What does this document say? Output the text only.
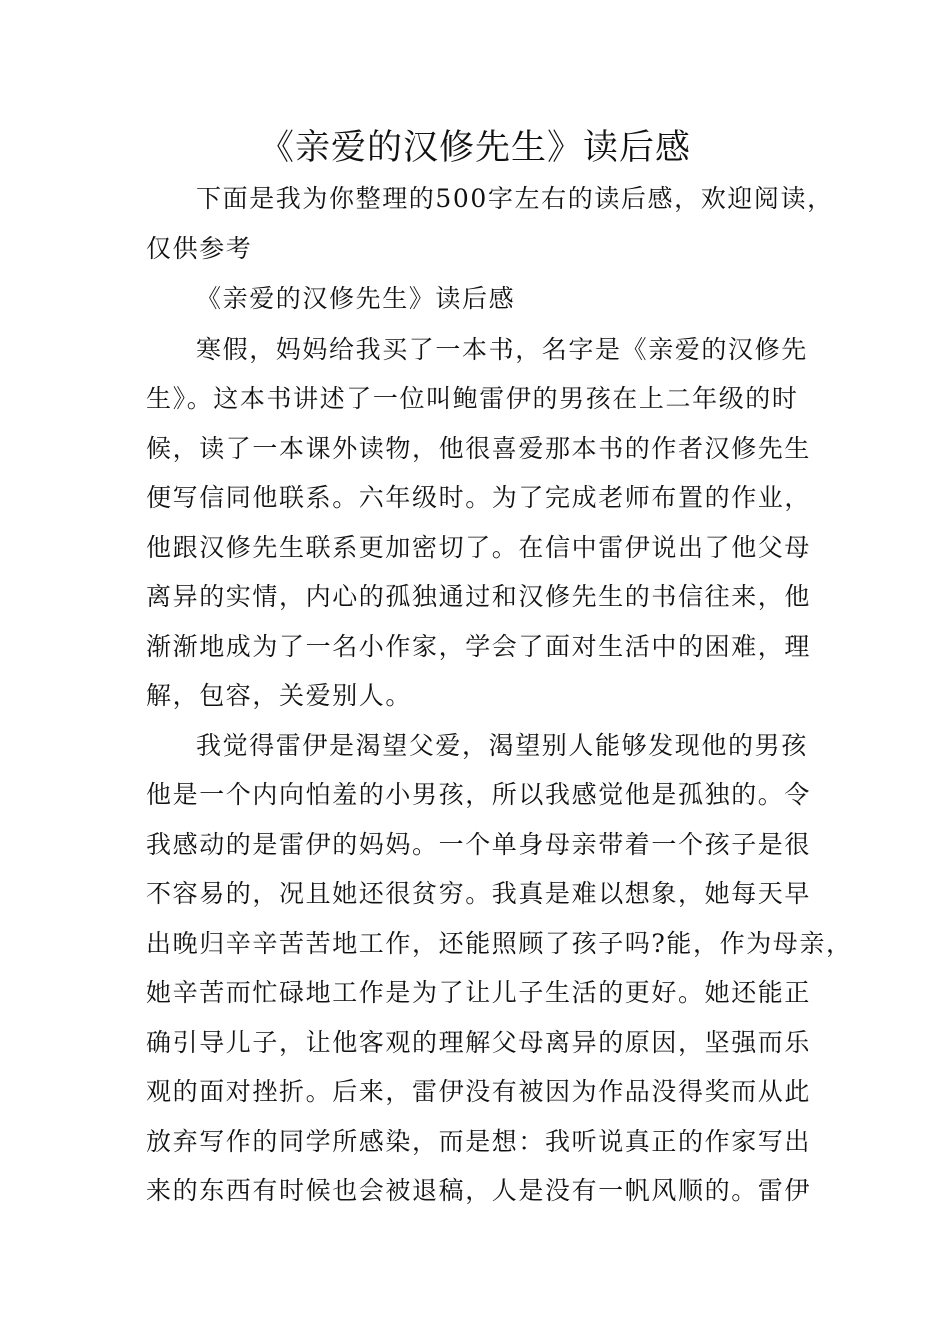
《亲爱的汉修先生》读后感
下面是我为你整理的500字左右的读后感，欢迎阅读，
仅供参考
《亲爱的汉修先生》读后感
寒假，妈妈给我买了一本书，名字是《亲爱的汉修先
生》。这本书讲述了一位叫鲍雷伊的男孩在上二年级的时
候，读了一本课外读物，他很喜爱那本书的作者汉修先生
便写信同他联系。六年级时。为了完成老师布置的作业，
他跟汉修先生联系更加密切了。在信中雷伊说出了他父母
离异的实情，内心的孤独通过和汉修先生的书信往来，他
渐渐地成为了一名小作家，学会了面对生活中的困难，理
解，包容，关爱别人。
我觉得雷伊是渴望父爱，渴望别人能够发现他的男孩
他是一个内向怕羞的小男孩，所以我感觉他是孤独的。令
我感动的是雷伊的妈妈。一个单身母亲带着一个孩子是很
不容易的，况且她还很贫穷。我真是难以想象，她每天早
出晚归辛辛苦苦地工作，还能照顾了孩子吗?能，作为母亲，
她辛苦而忙碌地工作是为了让儿子生活的更好。她还能正
确引导儿子，让他客观的理解父母离异的原因，坚强而乐
观的面对挫折。后来，雷伊没有被因为作品没得奖而从此
放弃写作的同学所感染，而是想：我听说真正的作家写出
来的东西有时候也会被退稿，人是没有一帆风顺的。雷伊
